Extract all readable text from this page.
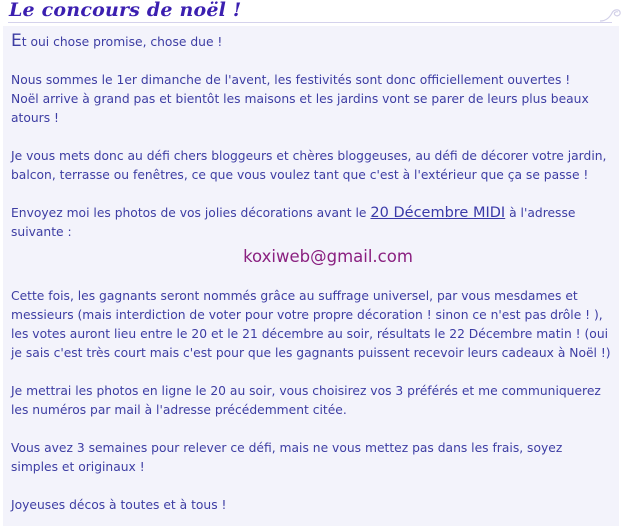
Le concours de noël !

Et oui chose promise, chose due !

Nous sommes le 1er dimanche de l'avent, les festivités sont donc officiellement ouvertes !
Noël arrive à grand pas et bientôt les maisons et les jardins vont se parer de leurs plus beaux atours !

Je vous mets donc au défi chers bloggeurs et chères bloggeuses, au défi de décorer votre jardin, balcon, terrasse ou fenêtres, ce que vous voulez tant que c'est à l'extérieur que ça se passe !

Envoyez moi les photos de vos jolies décorations avant le 20 Décembre MIDI à l'adresse suivante :

koxiweb@gmail.com

Cette fois, les gagnants seront nommés grâce au suffrage universel, par vous mesdames et messieurs (mais interdiction de voter pour votre propre décoration ! sinon ce n'est pas drôle ! ), les votes auront lieu entre le 20 et le 21 décembre au soir, résultats le 22 Décembre matin ! (oui je sais c'est très court mais c'est pour que les gagnants puissent recevoir leurs cadeaux à Noël !)

Je mettrai les photos en ligne le 20 au soir, vous choisirez vos 3 préférés et me communiquerez les numéros par mail à l'adresse précédemment citée.

Vous avez 3 semaines pour relever ce défi, mais ne vous mettez pas dans les frais, soyez simples et originaux !

Joyeuses décos à toutes et à tous !
